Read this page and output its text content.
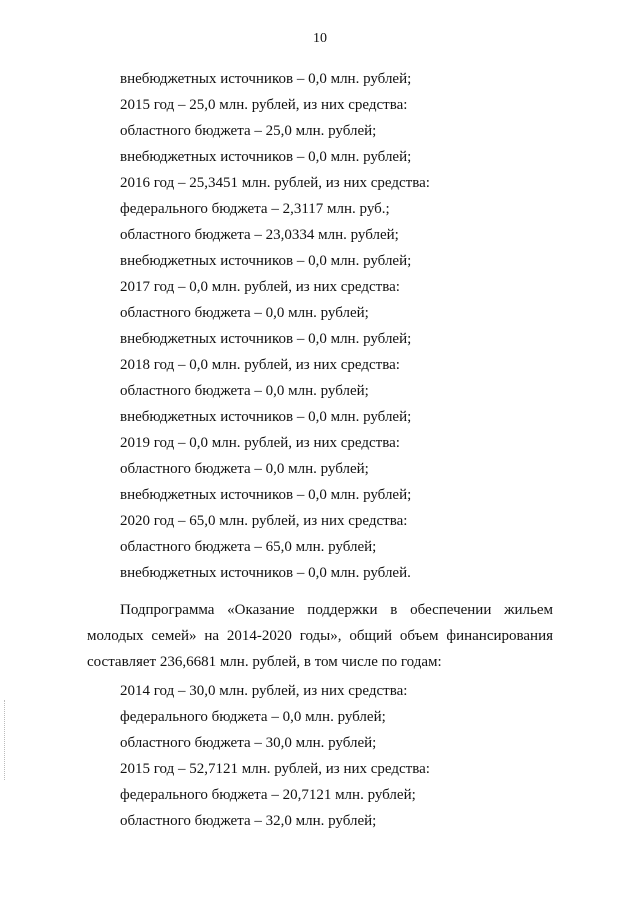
10
внебюджетных источников – 0,0 млн. рублей;
2015 год – 25,0 млн. рублей, из них средства:
областного бюджета – 25,0 млн. рублей;
внебюджетных источников – 0,0 млн. рублей;
2016 год – 25,3451 млн. рублей, из них средства:
федерального бюджета – 2,3117 млн. руб.;
областного бюджета – 23,0334 млн. рублей;
внебюджетных источников – 0,0 млн. рублей;
2017 год – 0,0 млн. рублей, из них средства:
областного бюджета – 0,0 млн. рублей;
внебюджетных источников – 0,0 млн. рублей;
2018 год – 0,0 млн. рублей, из них средства:
областного бюджета – 0,0 млн. рублей;
внебюджетных источников – 0,0 млн. рублей;
2019 год – 0,0 млн. рублей, из них средства:
областного бюджета – 0,0 млн. рублей;
внебюджетных источников – 0,0 млн. рублей;
2020 год – 65,0 млн. рублей, из них средства:
областного бюджета – 65,0 млн. рублей;
внебюджетных источников – 0,0 млн. рублей.
Подпрограмма «Оказание поддержки в обеспечении жильем
молодых семей» на 2014-2020 годы», общий объем финансирования
составляет 236,6681 млн. рублей, в том числе по годам:
2014 год – 30,0 млн. рублей, из них средства:
федерального бюджета – 0,0 млн. рублей;
областного бюджета – 30,0 млн. рублей;
2015 год – 52,7121 млн. рублей, из них средства:
федерального бюджета – 20,7121 млн. рублей;
областного бюджета – 32,0 млн. рублей;
